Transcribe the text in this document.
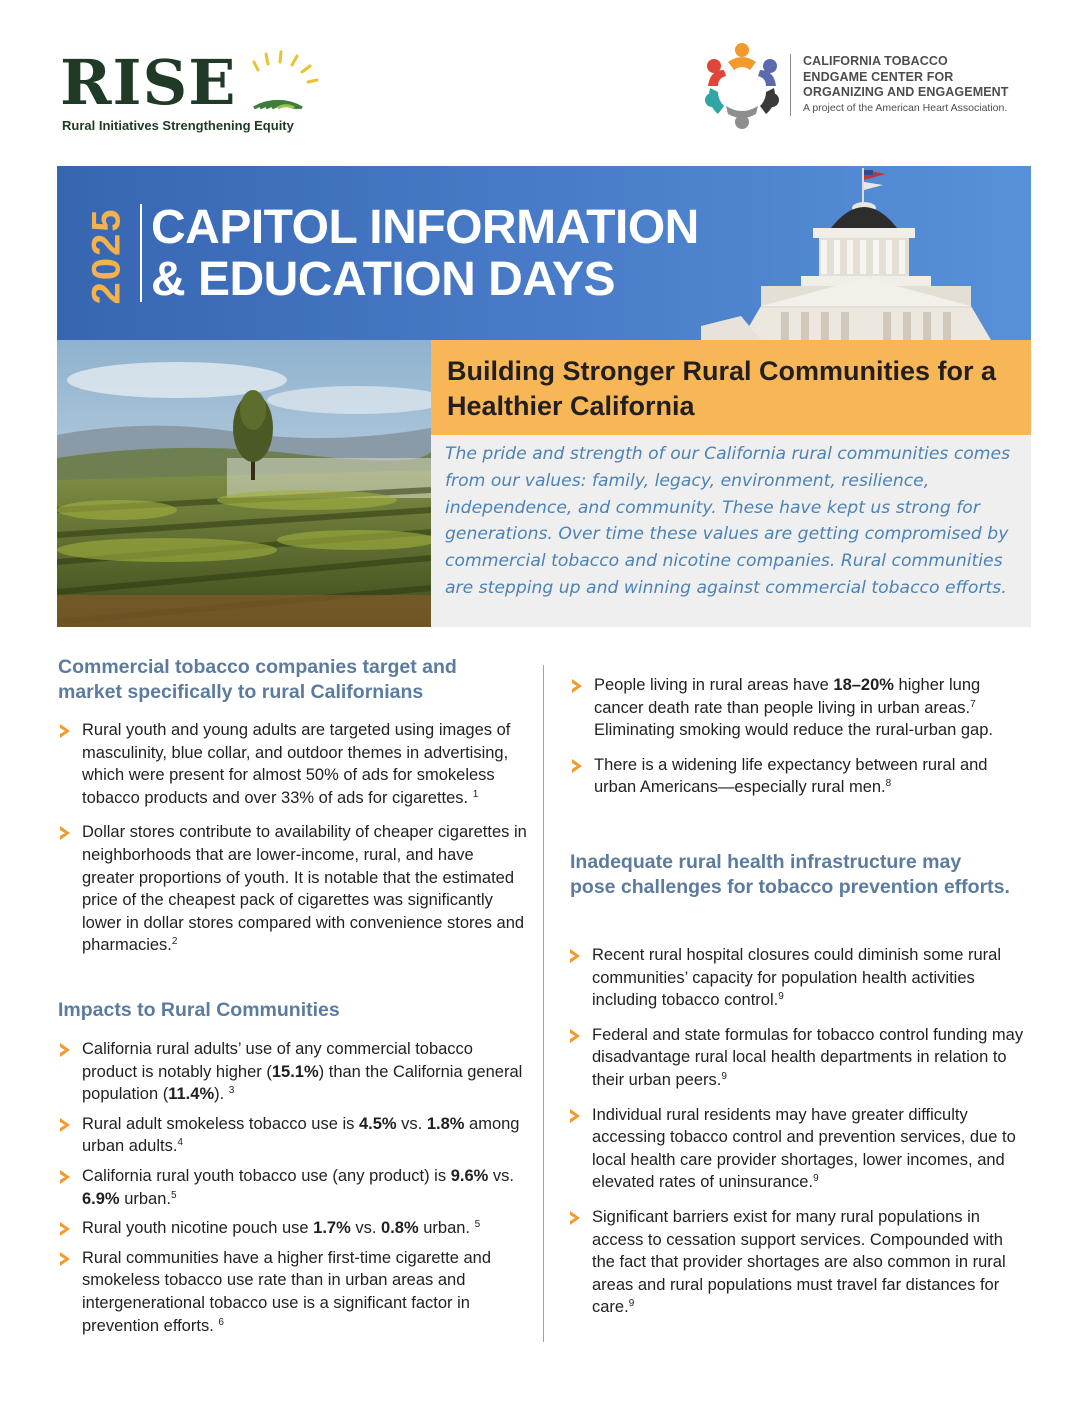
RISE
Rural Initiatives Strengthening Equity
CALIFORNIA TOBACCO
ENDGAME CENTER FOR
ORGANIZING AND ENGAGEMENT
A project of the American Heart Association.
2025 CAPITOL INFORMATION
& EDUCATION DAYS
Building Stronger Rural Communities for a Healthier California

The pride and strength of our California rural communities comes from our values: family, legacy, environment, resilience, independence, and community. These have kept us strong for generations. Over time these values are getting compromised by commercial tobacco and nicotine companies. Rural communities are stepping up and winning against commercial tobacco efforts.

Commercial tobacco companies target and market specifically to rural Californians
Rural youth and young adults are targeted using images of masculinity, blue collar, and outdoor themes in advertising, which were present for almost 50% of ads for smokeless tobacco products and over 33% of ads for cigarettes. $^1$
Dollar stores contribute to availability of cheaper cigarettes in neighborhoods that are lower-income, rural, and have greater proportions of youth. It is notable that the estimated price of the cheapest pack of cigarettes was significantly lower in dollar stores compared with convenience stores and pharmacies.$^2$
Impacts to Rural Communities
California rural adults’ use of any commercial tobacco product is notably higher (15.1%) than the California general population (11.4%). $^3$
Rural adult smokeless tobacco use is 4.5% vs. 1.8% among urban adults.$^4$
California rural youth tobacco use (any product) is 9.6% vs. 6.9% urban.$^5$
Rural youth nicotine pouch use 1.7% vs. 0.8% urban. $^5$
Rural communities have a higher first-time cigarette and smokeless tobacco use rate than in urban areas and intergenerational tobacco use is a significant factor in prevention efforts. $^6$
People living in rural areas have 18–20% higher lung cancer death rate than people living in urban areas.$^7$ Eliminating smoking would reduce the rural-urban gap.
There is a widening life expectancy between rural and urban Americans—especially rural men.$^8$
Inadequate rural health infrastructure may pose challenges for tobacco prevention efforts.
Recent rural hospital closures could diminish some rural communities’ capacity for population health activities including tobacco control.$^9$
Federal and state formulas for tobacco control funding may disadvantage rural local health departments in relation to their urban peers.$^9$
Individual rural residents may have greater difficulty accessing tobacco control and prevention services, due to local health care provider shortages, lower incomes, and elevated rates of uninsurance.$^9$
Significant barriers exist for many rural populations in access to cessation support services. Compounded with the fact that provider shortages are also common in rural areas and rural populations must travel far distances for care.$^9$
